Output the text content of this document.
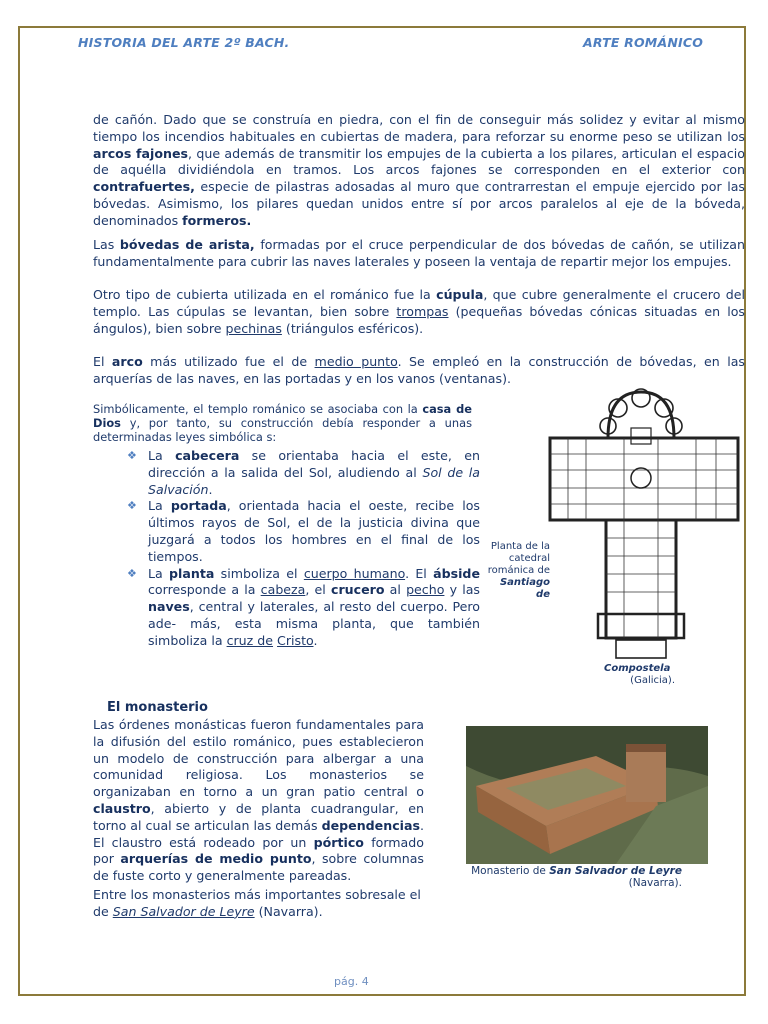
HISTORIA DEL ARTE 2º BACH.	ARTE ROMÁNICO
de cañón. Dado que se construía en piedra, con el fin de conseguir más solidez y evitar al mismo tiempo los incendios habituales en cubiertas de madera, para reforzar su enorme peso se utilizan los arcos fajones, que además de transmitir los empujes de la cubierta a los pilares, articulan el espacio de aquélla dividiéndola en tramos. Los arcos fajones se corresponden en el exterior con contrafuertes, especie de pilastras adosadas al muro que contrarrestan el empuje ejercido por las bóvedas. Asimismo, los pilares quedan unidos entre sí por arcos paralelos al eje de la bóveda, denominados formeros.
Las bóvedas de arista, formadas por el cruce perpendicular de dos bóvedas de cañón, se utilizan fundamentalmente para cubrir las naves laterales y poseen la ventaja de repartir mejor los empujes.
Otro tipo de cubierta utilizada en el románico fue la cúpula, que cubre generalmente el crucero del templo. Las cúpulas se levantan, bien sobre trompas (pequeñas bóvedas cónicas situadas en los ángulos), bien sobre pechinas (triángulos esféricos).
El arco más utilizado fue el de medio punto. Se empleó en la construcción de bóvedas, en las arquerías de las naves, en las portadas y en los vanos (ventanas).
Simbólicamente, el templo románico se asociaba con la casa de Dios y, por tanto, su construcción debía responder a unas determinadas leyes simbólica s:
❖ La cabecera se orientaba hacia el este, en dirección a la salida del Sol, aludiendo al Sol de la Salvación.
❖ La portada, orientada hacia el oeste, recibe los últimos rayos de Sol, el de la justicia divina que juzgará a todos los hombres en el final de los tiempos.
❖ La planta simboliza el cuerpo humano. El ábside corresponde a la cabeza, el crucero al pecho y las naves, central y laterales, al resto del cuerpo. Pero ade- más, esta misma planta, que también simboliza la cruz de Cristo.
Planta de la
catedral
románica de
Santiago
de
Compostela
(Galicia).
El monasterio
Las órdenes monásticas fueron fundamentales para la difusión del estilo románico, pues establecieron un modelo de construcción para albergar a una comunidad religiosa. Los monasterios se organizaban en torno a un gran patio central o claustro, abierto y de planta cuadrangular, en torno al cual se articulan las demás dependencias. El claustro está rodeado por un pórtico formado por arquerías de medio punto, sobre columnas de fuste corto y generalmente pareadas.
Entre los monasterios más importantes sobresale el de San Salvador de Leyre (Navarra).
Monasterio de San Salvador de Leyre
(Navarra).
pág. 4
